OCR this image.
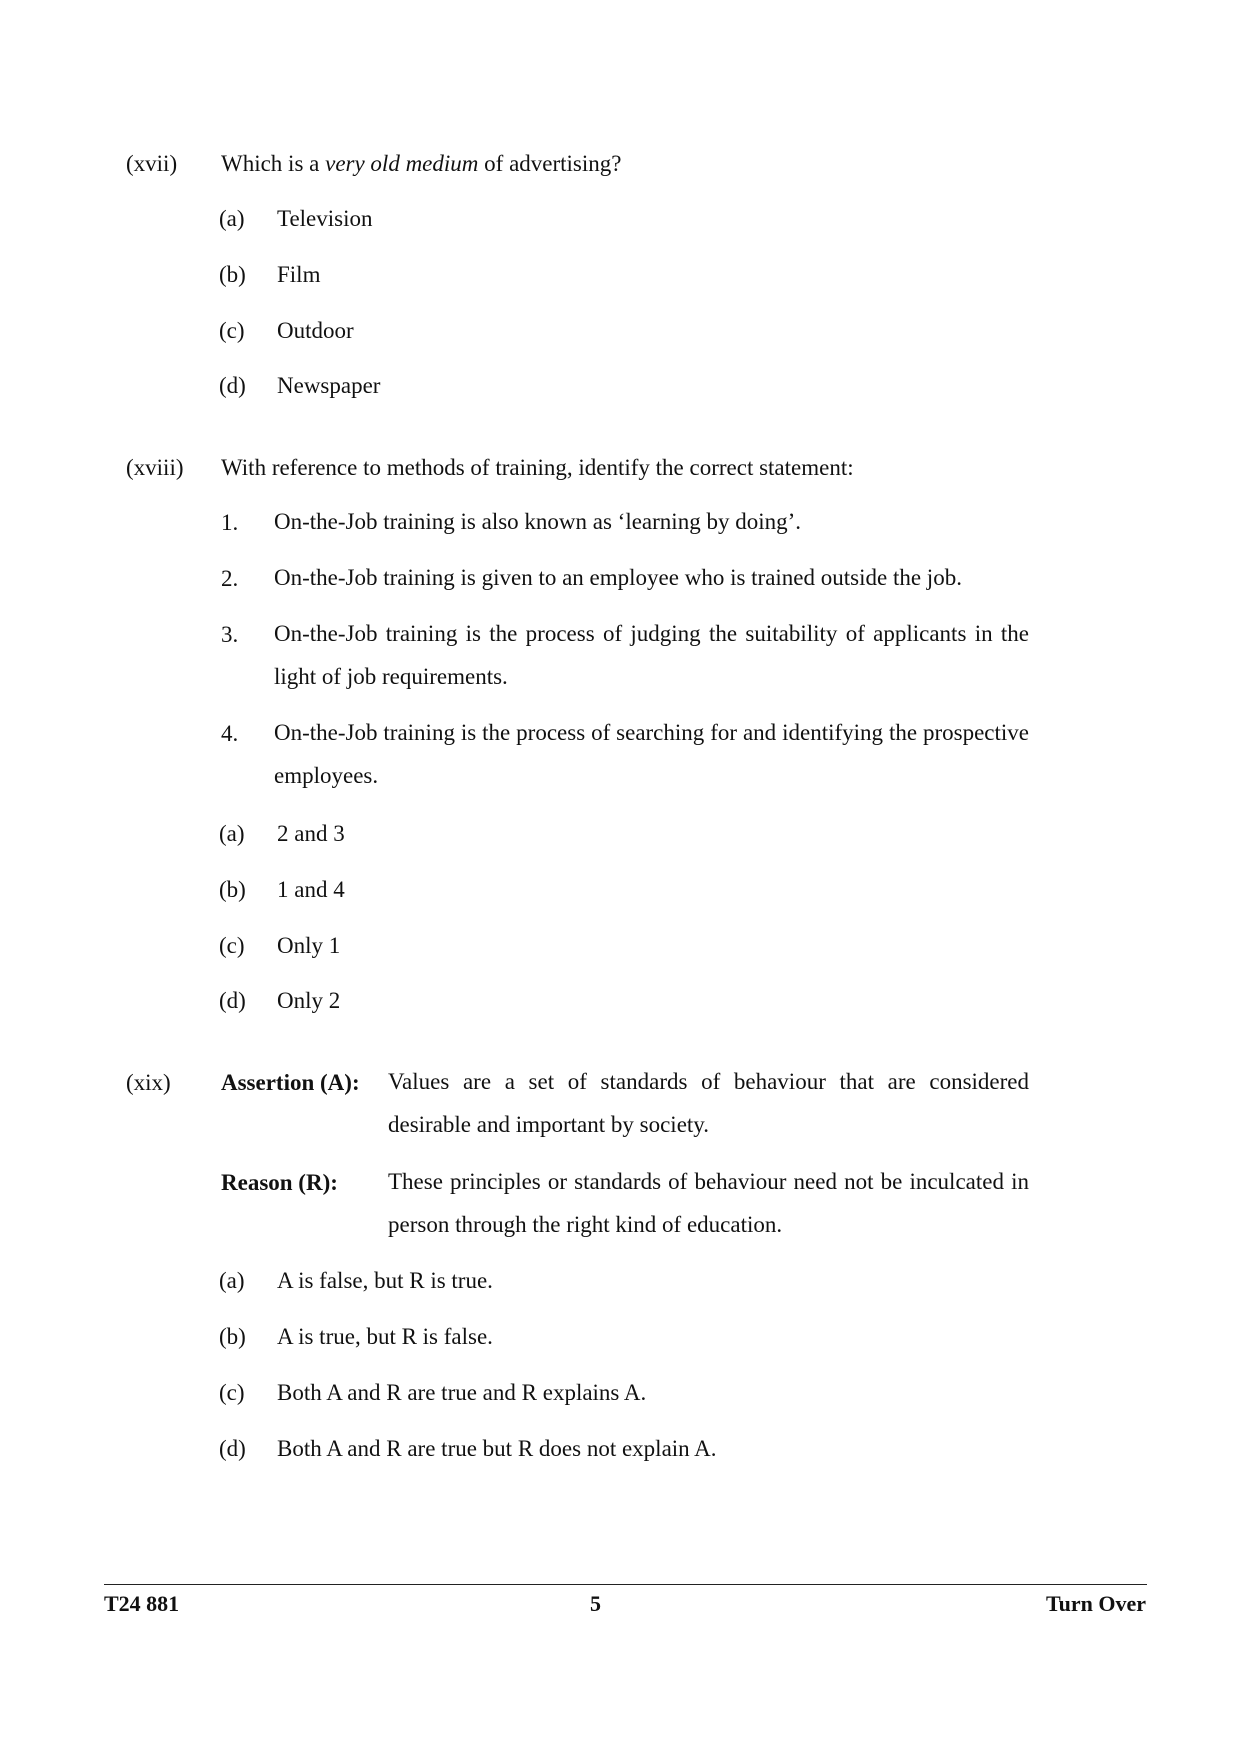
(xvii) Which is a very old medium of advertising?
(a) Television
(b) Film
(c) Outdoor
(d) Newspaper
(xviii) With reference to methods of training, identify the correct statement:
1. On-the-Job training is also known as ‘learning by doing’.
2. On-the-Job training is given to an employee who is trained outside the job.
3. On-the-Job training is the process of judging the suitability of applicants in the light of job requirements.
4. On-the-Job training is the process of searching for and identifying the prospective employees.
(a) 2 and 3
(b) 1 and 4
(c) Only 1
(d) Only 2
(xix) Assertion (A): Values are a set of standards of behaviour that are considered desirable and important by society.
Reason (R): These principles or standards of behaviour need not be inculcated in person through the right kind of education.
(a) A is false, but R is true.
(b) A is true, but R is false.
(c) Both A and R are true and R explains A.
(d) Both A and R are true but R does not explain A.
T24 881	5	Turn Over
